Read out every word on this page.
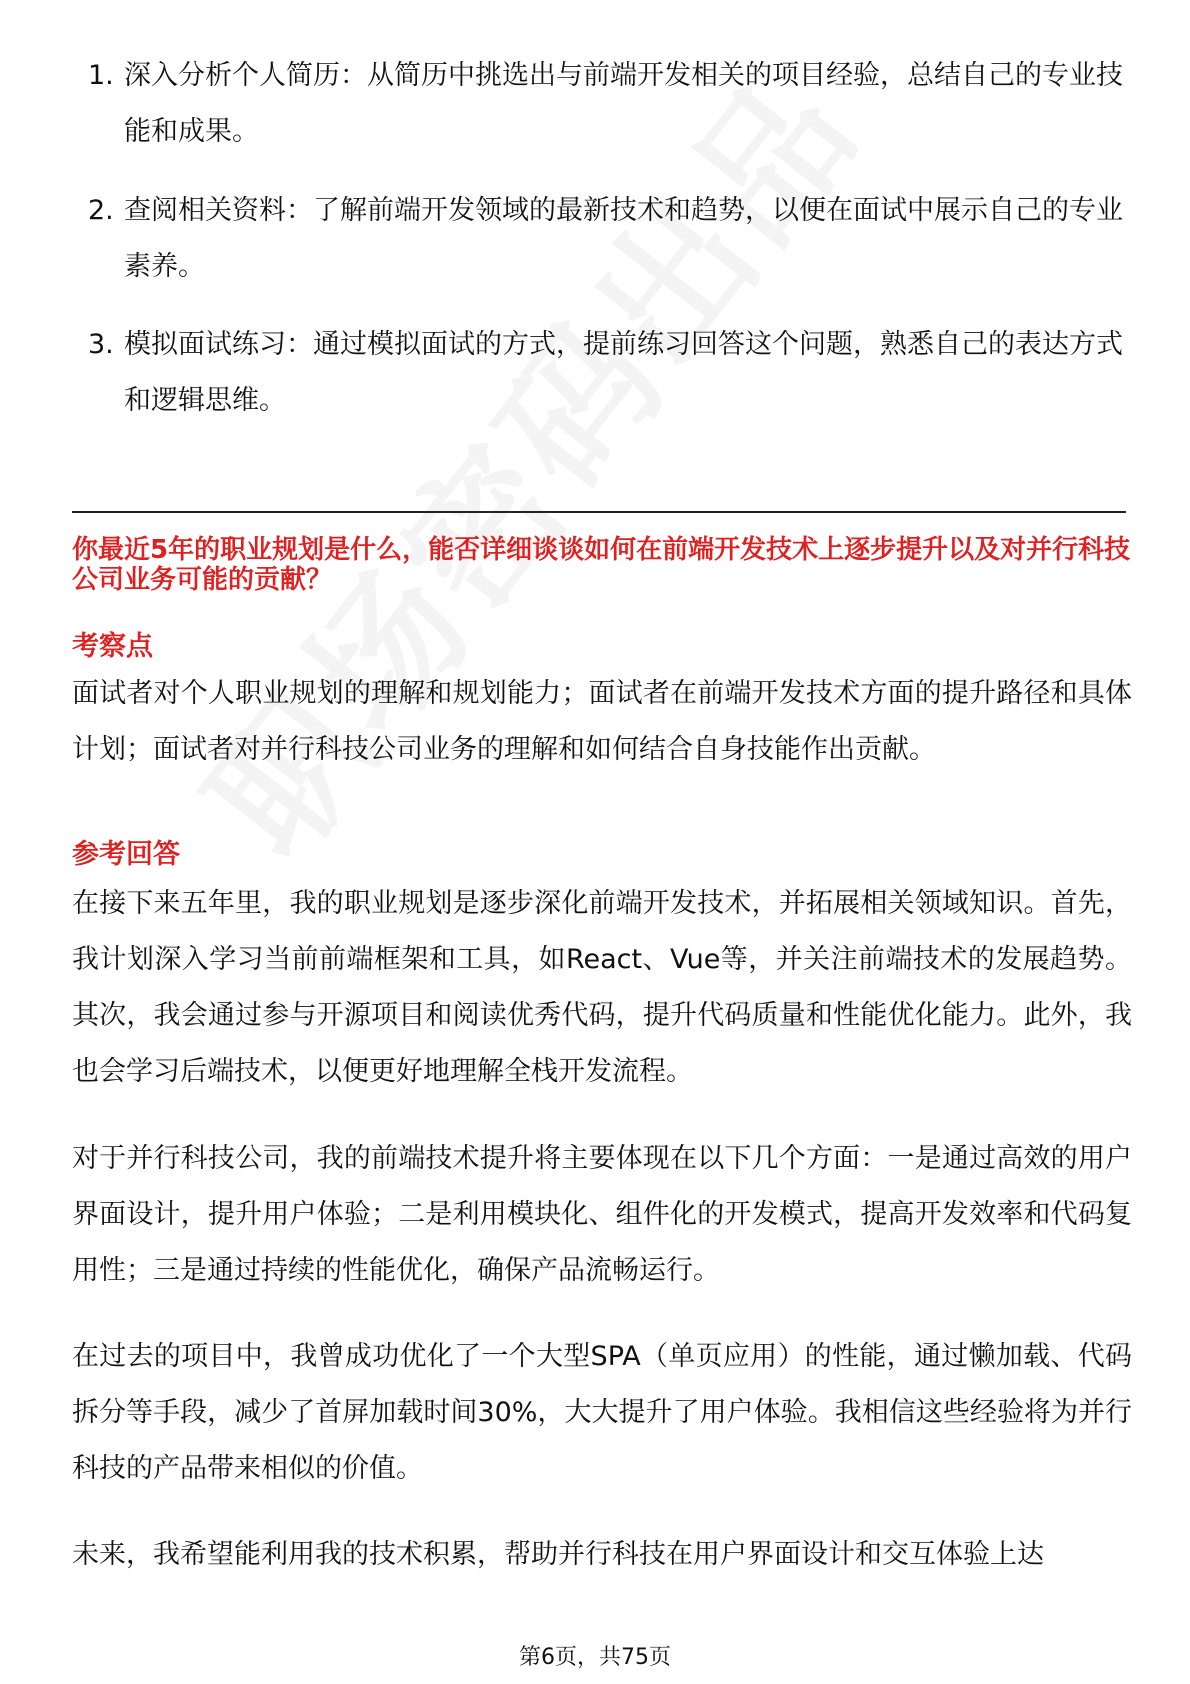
1. 深入分析个人简历：从简历中挑选出与前端开发相关的项目经验，总结自己的专业技能和成果。
2. 查阅相关资料：了解前端开发领域的最新技术和趋势，以便在面试中展示自己的专业素养。
3. 模拟面试练习：通过模拟面试的方式，提前练习回答这个问题，熟悉自己的表达方式和逻辑思维。
你最近5年的职业规划是什么，能否详细谈谈如何在前端开发技术上逐步提升以及对并行科技公司业务可能的贡献？
考察点
面试者对个人职业规划的理解和规划能力；面试者在前端开发技术方面的提升路径和具体计划；面试者对并行科技公司业务的理解和如何结合自身技能作出贡献。
参考回答
在接下来五年里，我的职业规划是逐步深化前端开发技术，并拓展相关领域知识。首先，我计划深入学习当前前端框架和工具，如React、Vue等，并关注前端技术的发展趋势。其次，我会通过参与开源项目和阅读优秀代码，提升代码质量和性能优化能力。此外，我也会学习后端技术，以便更好地理解全栈开发流程。
对于并行科技公司，我的前端技术提升将主要体现在以下几个方面：一是通过高效的用户界面设计，提升用户体验；二是利用模块化、组件化的开发模式，提高开发效率和代码复用性；三是通过持续的性能优化，确保产品流畅运行。
在过去的项目中，我曾成功优化了一个大型SPA（单页应用）的性能，通过懒加载、代码拆分等手段，减少了首屏加载时间30%，大大提升了用户体验。我相信这些经验将为并行科技的产品带来相似的价值。
未来，我希望能利用我的技术积累，帮助并行科技在用户界面设计和交互体验上达
第6页，共75页
